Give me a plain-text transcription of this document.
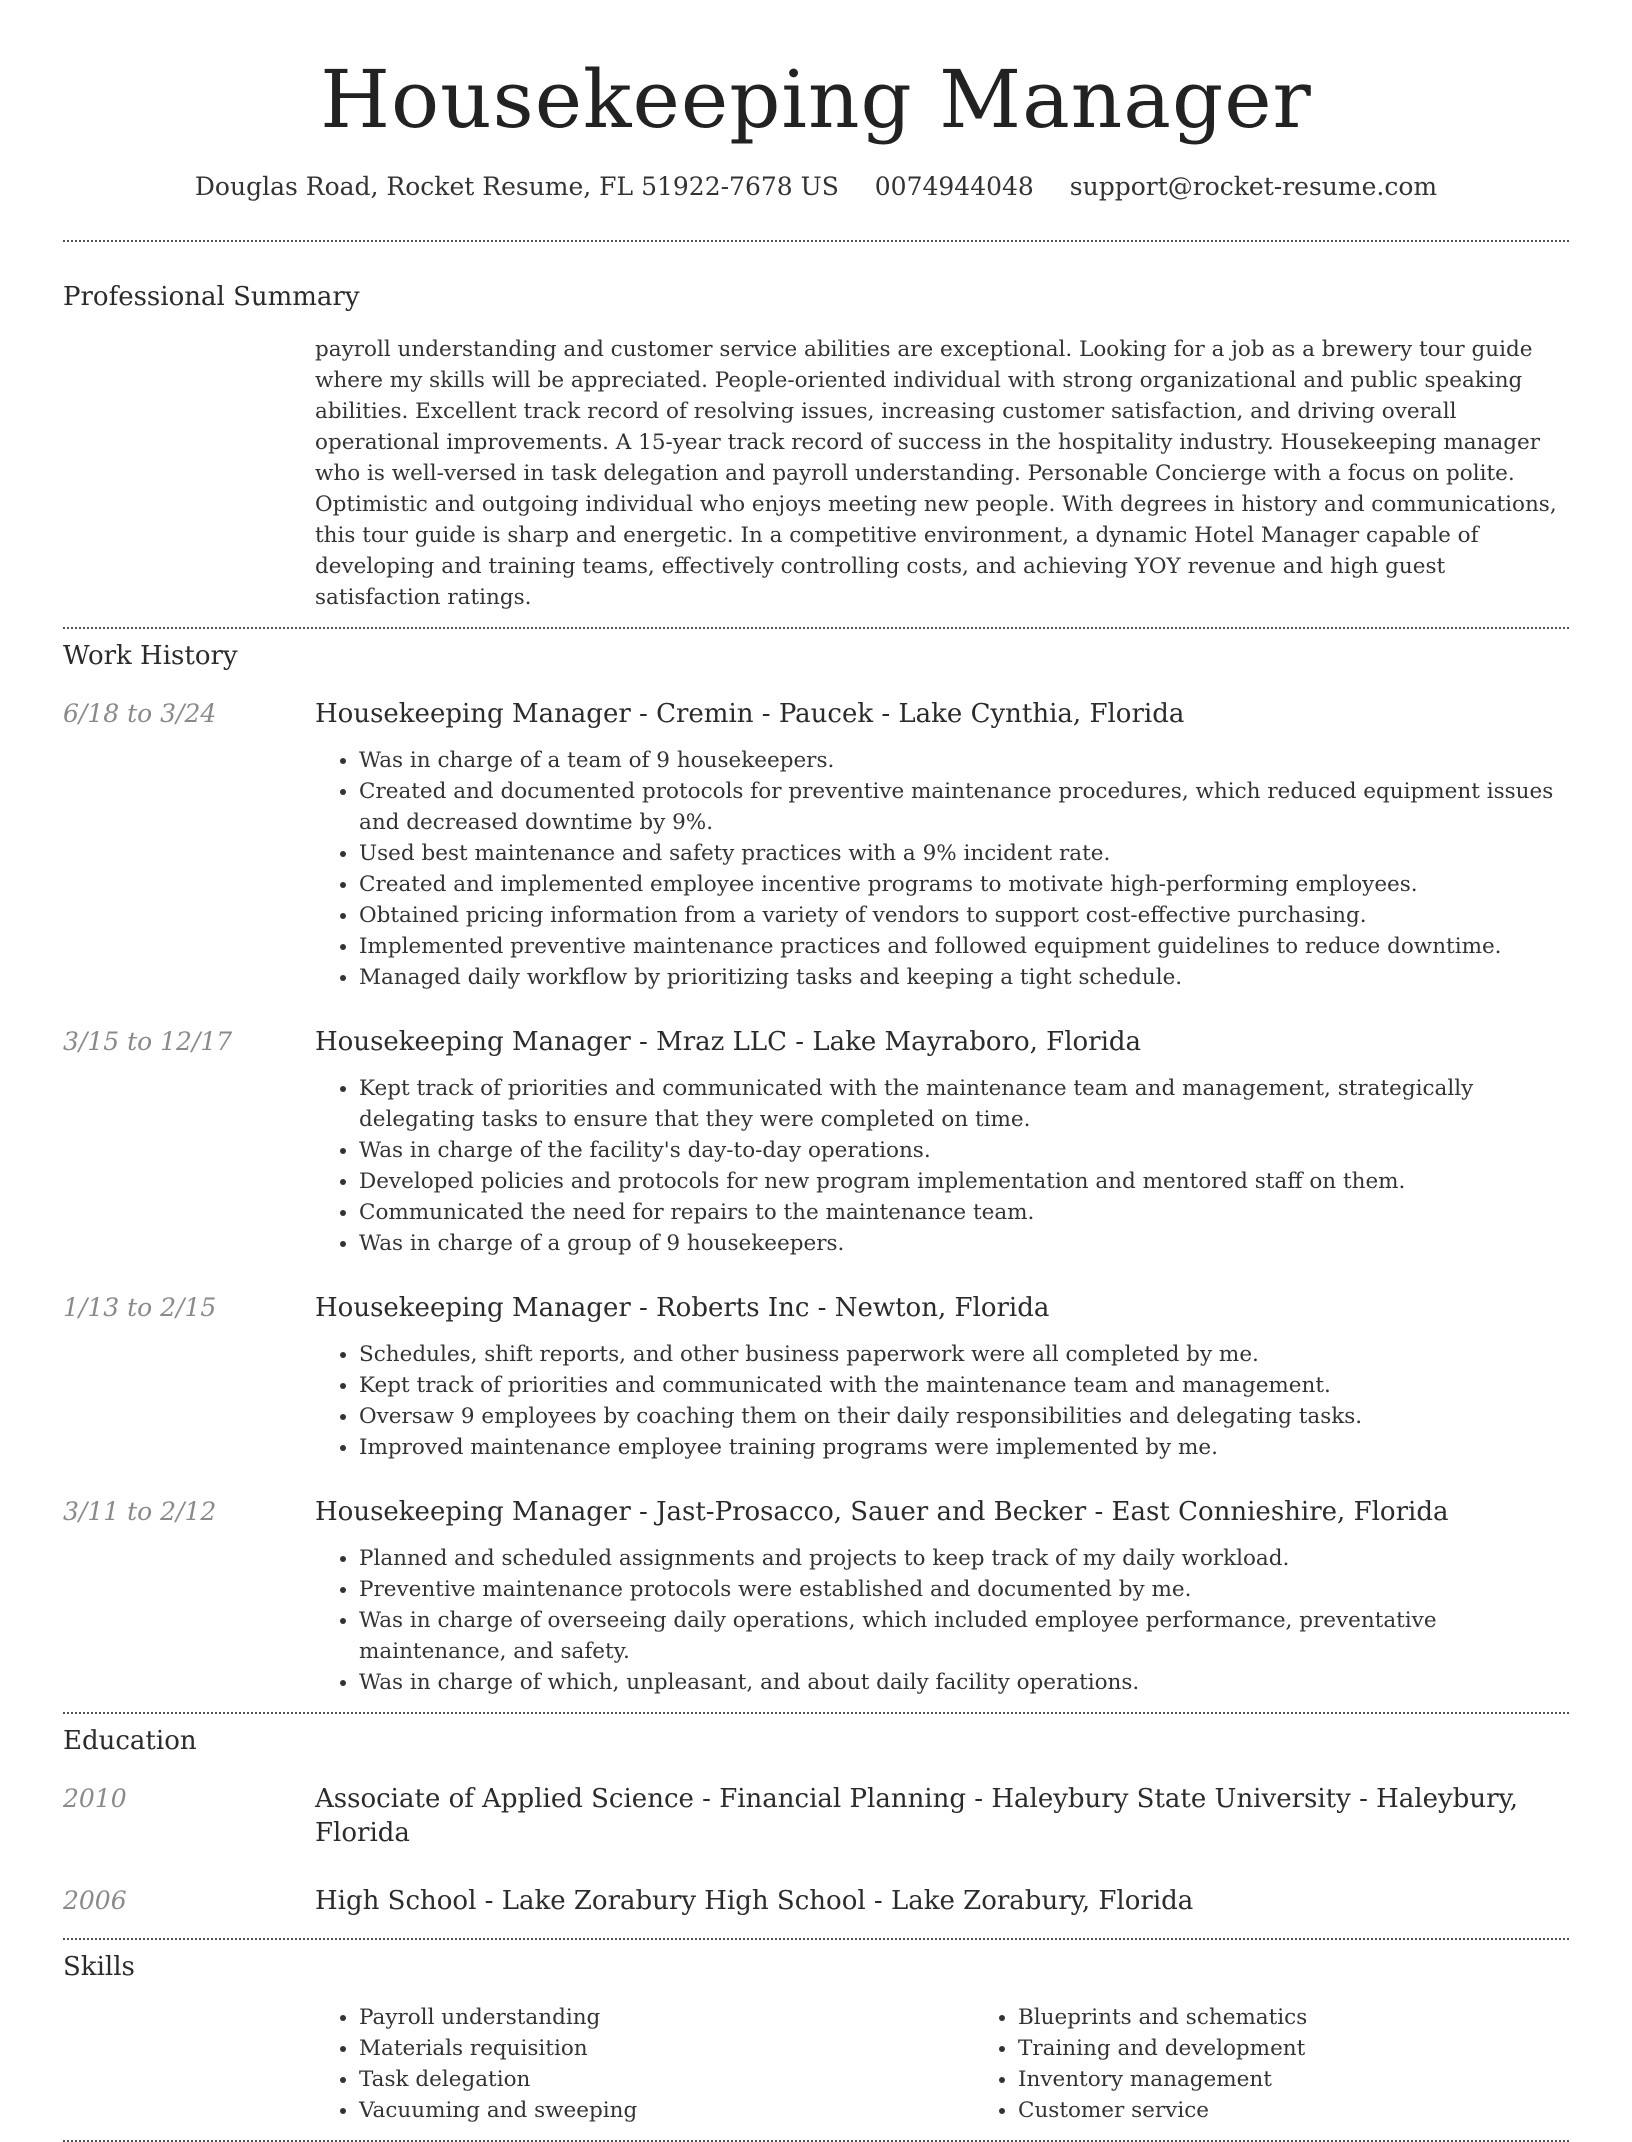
Housekeeping Manager
Douglas Road, Rocket Resume, FL 51922-7678 US 0074944048 support@rocket-resume.com
Professional Summary

payroll understanding and customer service abilities are exceptional. Looking for a job as a brewery tour guide where my skills will be appreciated. People-oriented individual with strong organizational and public speaking abilities. Excellent track record of resolving issues, increasing customer satisfaction, and driving overall operational improvements. A 15-year track record of success in the hospitality industry. Housekeeping manager who is well-versed in task delegation and payroll understanding. Personable Concierge with a focus on polite. Optimistic and outgoing individual who enjoys meeting new people. With degrees in history and communications, this tour guide is sharp and energetic. In a competitive environment, a dynamic Hotel Manager capable of developing and training teams, effectively controlling costs, and achieving YOY revenue and high guest satisfaction ratings.

Work History
6/18 to 3/24	Housekeeping Manager - Cremin - Paucek - Lake Cynthia, Florida
• Was in charge of a team of 9 housekeepers.
• Created and documented protocols for preventive maintenance procedures, which reduced equipment issues and decreased downtime by 9%.
• Used best maintenance and safety practices with a 9% incident rate.
• Created and implemented employee incentive programs to motivate high-performing employees.
• Obtained pricing information from a variety of vendors to support cost-effective purchasing.
• Implemented preventive maintenance practices and followed equipment guidelines to reduce downtime.
• Managed daily workflow by prioritizing tasks and keeping a tight schedule.
3/15 to 12/17	Housekeeping Manager - Mraz LLC - Lake Mayraboro, Florida
• Kept track of priorities and communicated with the maintenance team and management, strategically delegating tasks to ensure that they were completed on time.
• Was in charge of the facility's day-to-day operations.
• Developed policies and protocols for new program implementation and mentored staff on them.
• Communicated the need for repairs to the maintenance team.
• Was in charge of a group of 9 housekeepers.
1/13 to 2/15	Housekeeping Manager - Roberts Inc - Newton, Florida
• Schedules, shift reports, and other business paperwork were all completed by me.
• Kept track of priorities and communicated with the maintenance team and management.
• Oversaw 9 employees by coaching them on their daily responsibilities and delegating tasks.
• Improved maintenance employee training programs were implemented by me.
3/11 to 2/12	Housekeeping Manager - Jast-Prosacco, Sauer and Becker - East Connieshire, Florida
• Planned and scheduled assignments and projects to keep track of my daily workload.
• Preventive maintenance protocols were established and documented by me.
• Was in charge of overseeing daily operations, which included employee performance, preventative maintenance, and safety.
• Was in charge of which, unpleasant, and about daily facility operations.
Education
2010	Associate of Applied Science - Financial Planning - Haleybury State University - Haleybury, Florida
2006	High School - Lake Zorabury High School - Lake Zorabury, Florida
Skills
• Payroll understanding
• Materials requisition
• Task delegation
• Vacuuming and sweeping
• Blueprints and schematics
• Training and development
• Inventory management
• Customer service
